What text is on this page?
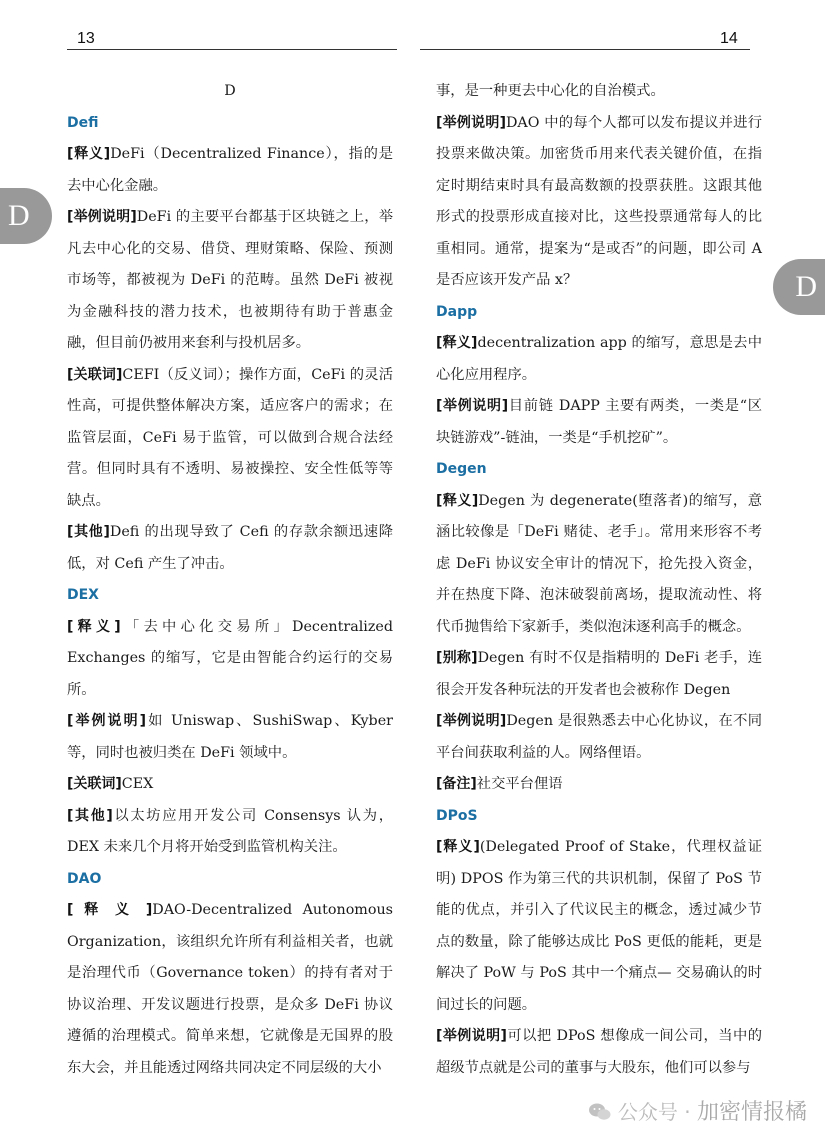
13	14
D
D

D

Defi

[释义]DeFi（Decentralized Finance），指的是去中心化金融。

[举例说明]DeFi 的主要平台都基于区块链之上，举凡去中心化的交易、借贷、理财策略、保险、预测市场等，都被视为 DeFi 的范畴。虽然 DeFi 被视为金融科技的潜力技术，也被期待有助于普惠金融，但目前仍被用来套利与投机居多。

[关联词]CEFI（反义词）；操作方面，CeFi 的灵活性高，可提供整体解决方案，适应客户的需求；在监管层面，CeFi 易于监管，可以做到合规合法经营。但同时具有不透明、易被操控、安全性低等等缺点。

[其他]Defi 的出现导致了 Cefi 的存款余额迅速降低，对 Cefi 产生了冲击。

DEX

[释义]「去中心化交易所」Decentralized Exchanges 的缩写，它是由智能合约运行的交易所。

[举例说明]如 Uniswap、SushiSwap、Kyber 等，同时也被归类在 DeFi 领域中。

[关联词]CEX

[其他]以太坊应用开发公司 Consensys 认为，DEX 未来几个月将开始受到监管机构关注。

DAO

[ 释 义 ]DAO-Decentralized Autonomous Organization，该组织允许所有利益相关者，也就是治理代币（Governance token）的持有者对于协议治理、开发议题进行投票，是众多 DeFi 协议遵循的治理模式。简单来想，它就像是无国界的股东大会，并且能透过网络共同决定不同层级的大小

事，是一种更去中心化的自治模式。

[举例说明]DAO 中的每个人都可以发布提议并进行投票来做决策。加密货币用来代表关键价值，在指定时期结束时具有最高数额的投票获胜。这跟其他形式的投票形成直接对比，这些投票通常每人的比重相同。通常，提案为“是或否”的问题，即公司 A 是否应该开发产品 x？

Dapp

[释义]decentralization app 的缩写，意思是去中心化应用程序。

[举例说明]目前链 DAPP 主要有两类，一类是“区块链游戏”-链油，一类是“手机挖矿”。

Degen

[释义]Degen 为 degenerate(堕落者)的缩写，意涵比较像是「DeFi 赌徒、老手」。常用来形容不考虑 DeFi 协议安全审计的情况下，抢先投入资金，并在热度下降、泡沫破裂前离场，提取流动性、将代币抛售给下家新手，类似泡沫逐利高手的概念。

[别称]Degen 有时不仅是指精明的 DeFi 老手，连很会开发各种玩法的开发者也会被称作 Degen

[举例说明]Degen 是很熟悉去中心化协议，在不同平台间获取利益的人。网络俚语。

[备注]社交平台俚语

DPoS

[释义](Delegated Proof of Stake，代理权益证明) DPOS 作为第三代的共识机制，保留了 PoS 节能的优点，并引入了代议民主的概念，透过减少节点的数量，除了能够达成比 PoS 更低的能耗，更是解决了 PoW 与 PoS 其中一个痛点— 交易确认的时间过长的问题。

[举例说明]可以把 DPoS 想像成一间公司，当中的超级节点就是公司的董事与大股东，他们可以参与

公众号 · 加密情报橘
